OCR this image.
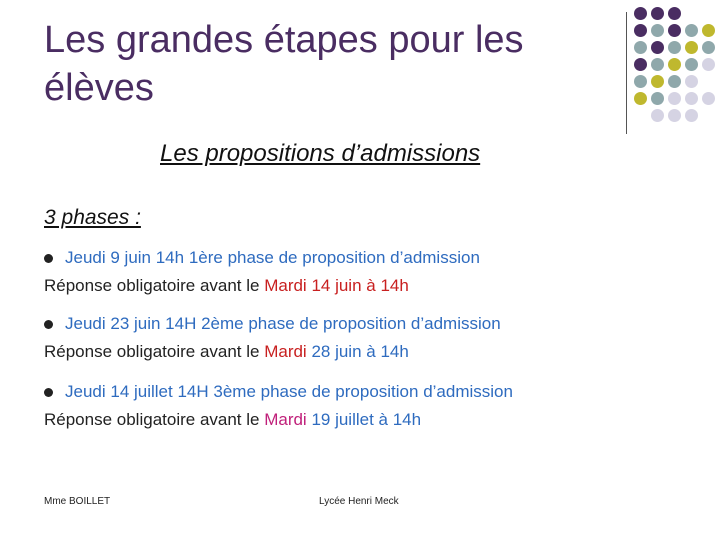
Les grandes étapes pour les élèves
Les propositions d’admissions
3 phases :
Jeudi 9 juin 14h 1ère phase de proposition d’admission
Réponse obligatoire avant le Mardi 14 juin à 14h
Jeudi 23 juin 14H 2ème phase de proposition d’admission
Réponse obligatoire avant le Mardi 28 juin à 14h
Jeudi 14 juillet 14H 3ème phase de proposition d’admission
Réponse obligatoire avant le Mardi 19 juillet à 14h
Mme BOILLET	Lycée Henri Meck
